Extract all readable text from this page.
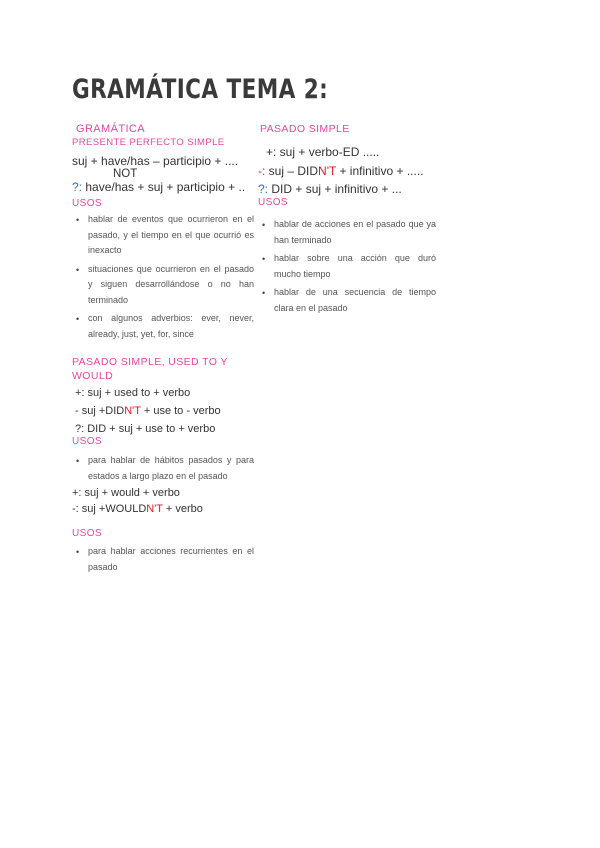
GRAMÁTICA TEMA 2:

GRAMÁTICA

PRESENTE PERFECTO SIMPLE

suj + have/has – participio + ....

NOT

?: have/has + suj + participio + ..

USOS

• hablar de eventos que ocurrieron en el pasado, y el tiempo en el que ocurrió es inexacto
• situaciones que ocurrieron en el pasado y siguen desarrollándose o no han terminado
• con algunos adverbios: ever, never, already, just, yet, for, since

PASADO SIMPLE, USED TO Y WOULD

+: suj + used to + verbo

- suj +DIDN'T + use to - verbo

?: DID + suj + use to + verbo

USOS

• para hablar de hábitos pasados y para estados a largo plazo en el pasado

+: suj + would + verbo

-: suj +WOULDN'T + verbo

USOS

• para hablar acciones recurrientes en el pasado

PASADO SIMPLE

+: suj + verbo-ED .....

-: suj – DIDN'T + infinitivo + .....

?: DID + suj + infinitivo + ...

USOS

• hablar de acciones en el pasado que ya han terminado
• hablar sobre una acción que duró mucho tiempo
• hablar de una secuencia de tiempo clara en el pasado
